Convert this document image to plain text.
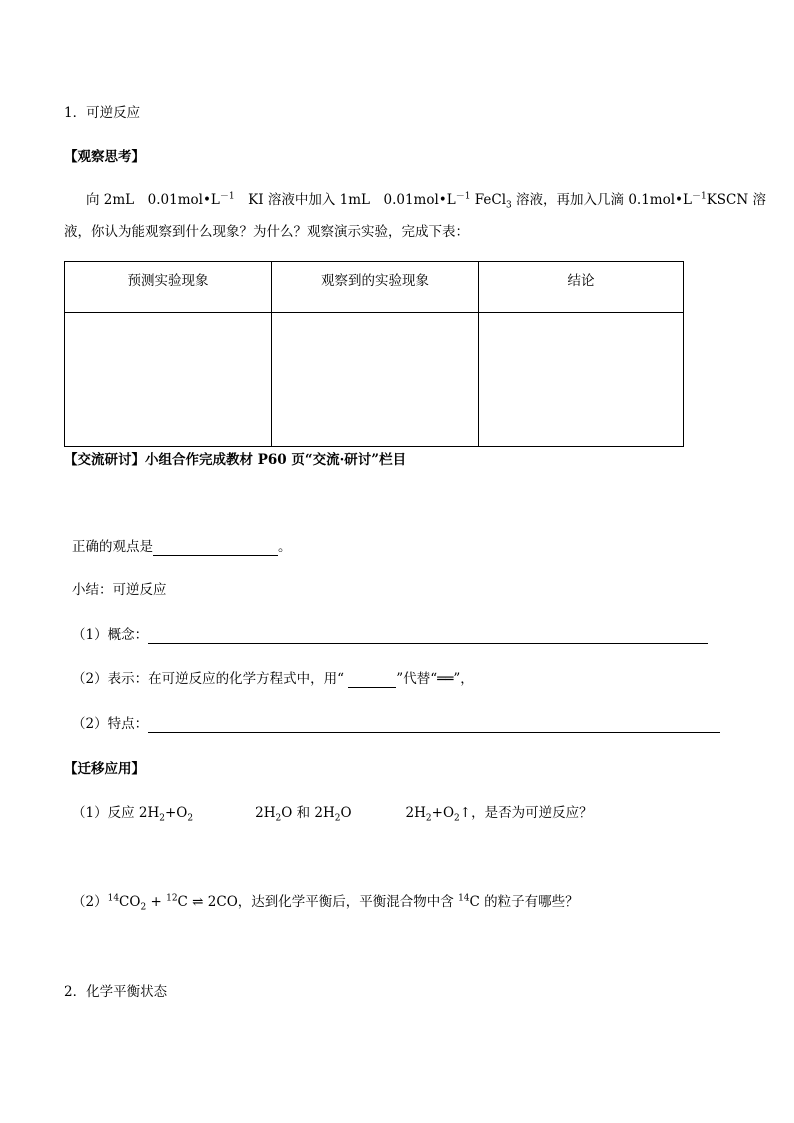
1．可逆反应
【观察思考】
向 2mL　$0.01mol•L^{-1}$　KI 溶液中加入 1mL　$0.01mol•L^{-1}$ FeCl$_3$ 溶液，再加入几滴 $0.1mol•L^{-1}KSCN$ 溶
液，你认为能观察到什么现象？为什么？观察演示实验，完成下表：
预测实验现象	观察到的实验现象	结论

【交流研讨】小组合作完成教材 P60 页“交流·研讨”栏目
正确的观点是	。
小结：可逆反应
（1）概念：
（2）表示：在可逆反应的化学方程式中，用“	”代替“══”，
（2）特点：
【迁移应用】
（1）反应 $2H_2+O_2$	$2H_2O$ 和 $2H_2O$	$2H_2+O_2↑$，是否为可逆反应？
$(2)^{14}CO_2 + ^{12}C$ ⇌ 2CO，达到化学平衡后，平衡混合物中含 $^{14}$C 的粒子有哪些？
2．化学平衡状态
